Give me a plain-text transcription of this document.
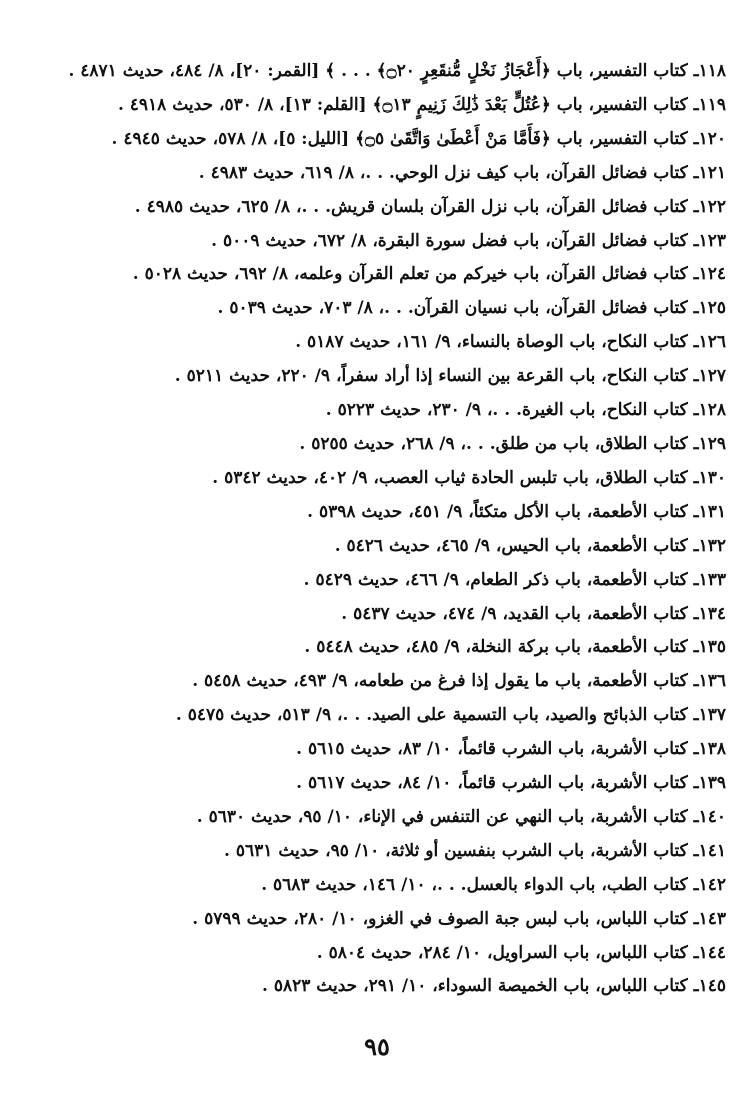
١١٨ـ كتاب التفسير، باب ﴿أَعْجَازُ نَخْلٍ مُّنقَعِرٍ ۝٢٠﴾ . . . ﴾ [القمر: ٢٠]، ٨/ ٤٨٤، حديث ٤٨٧١ .
١١٩ـ كتاب التفسير، باب ﴿عُتُلٍّ بَعْدَ ذَٰلِكَ زَنِيمٍ ۝١٣﴾ [القلم: ١٣]، ٨/ ٥٣٠، حديث ٤٩١٨ .
١٢٠ـ كتاب التفسير، باب ﴿فَأَمَّا مَنْ أَعْطَىٰ وَاتَّقَىٰ ۝٥﴾ [الليل: ٥]، ٨/ ٥٧٨، حديث ٤٩٤٥ .
١٢١ـ كتاب فضائل القرآن، باب كيف نزل الوحي. . .، ٨/ ٦١٩، حديث ٤٩٨٣ .
١٢٢ـ كتاب فضائل القرآن، باب نزل القرآن بلسان قريش. . .، ٨/ ٦٢٥، حديث ٤٩٨٥ .
١٢٣ـ كتاب فضائل القرآن، باب فضل سورة البقرة، ٨/ ٦٧٢، حديث ٥٠٠٩ .
١٢٤ـ كتاب فضائل القرآن، باب خيركم من تعلم القرآن وعلمه، ٨/ ٦٩٢، حديث ٥٠٢٨ .
١٢٥ـ كتاب فضائل القرآن، باب نسيان القرآن. . .، ٨/ ٧٠٣، حديث ٥٠٣٩ .
١٢٦ـ كتاب النكاح، باب الوصاة بالنساء، ٩/ ١٦١، حديث ٥١٨٧ .
١٢٧ـ كتاب النكاح، باب القرعة بين النساء إذا أراد سفراً، ٩/ ٢٢٠، حديث ٥٢١١ .
١٢٨ـ كتاب النكاح، باب الغيرة. . .، ٩/ ٢٣٠، حديث ٥٢٢٣ .
١٢٩ـ كتاب الطلاق، باب من طلق. . .، ٩/ ٢٦٨، حديث ٥٢٥٥ .
١٣٠ـ كتاب الطلاق، باب تلبس الحادة ثياب العصب، ٩/ ٤٠٢، حديث ٥٣٤٢ .
١٣١ـ كتاب الأطعمة، باب الأكل متكئاً، ٩/ ٤٥١، حديث ٥٣٩٨ .
١٣٢ـ كتاب الأطعمة، باب الحيس، ٩/ ٤٦٥، حديث ٥٤٢٦ .
١٣٣ـ كتاب الأطعمة، باب ذكر الطعام، ٩/ ٤٦٦، حديث ٥٤٢٩ .
١٣٤ـ كتاب الأطعمة، باب القديد، ٩/ ٤٧٤، حديث ٥٤٣٧ .
١٣٥ـ كتاب الأطعمة، باب بركة النخلة، ٩/ ٤٨٥، حديث ٥٤٤٨ .
١٣٦ـ كتاب الأطعمة، باب ما يقول إذا فرغ من طعامه، ٩/ ٤٩٣، حديث ٥٤٥٨ .
١٣٧ـ كتاب الذبائح والصيد، باب التسمية على الصيد. . .، ٩/ ٥١٣، حديث ٥٤٧٥ .
١٣٨ـ كتاب الأشربة، باب الشرب قائماً، ١٠/ ٨٣، حديث ٥٦١٥ .
١٣٩ـ كتاب الأشربة، باب الشرب قائماً، ١٠/ ٨٤، حديث ٥٦١٧ .
١٤٠ـ كتاب الأشربة، باب النهي عن التنفس في الإناء، ١٠/ ٩٥، حديث ٥٦٣٠ .
١٤١ـ كتاب الأشربة، باب الشرب بنفسين أو ثلاثة، ١٠/ ٩٥، حديث ٥٦٣١ .
١٤٢ـ كتاب الطب، باب الدواء بالعسل. . .، ١٠/ ١٤٦، حديث ٥٦٨٣ .
١٤٣ـ كتاب اللباس، باب لبس جبة الصوف في الغزو، ١٠/ ٢٨٠، حديث ٥٧٩٩ .
١٤٤ـ كتاب اللباس، باب السراويل، ١٠/ ٢٨٤، حديث ٥٨٠٤ .
١٤٥ـ كتاب اللباس، باب الخميصة السوداء، ١٠/ ٢٩١، حديث ٥٨٢٣ .
٩٥
